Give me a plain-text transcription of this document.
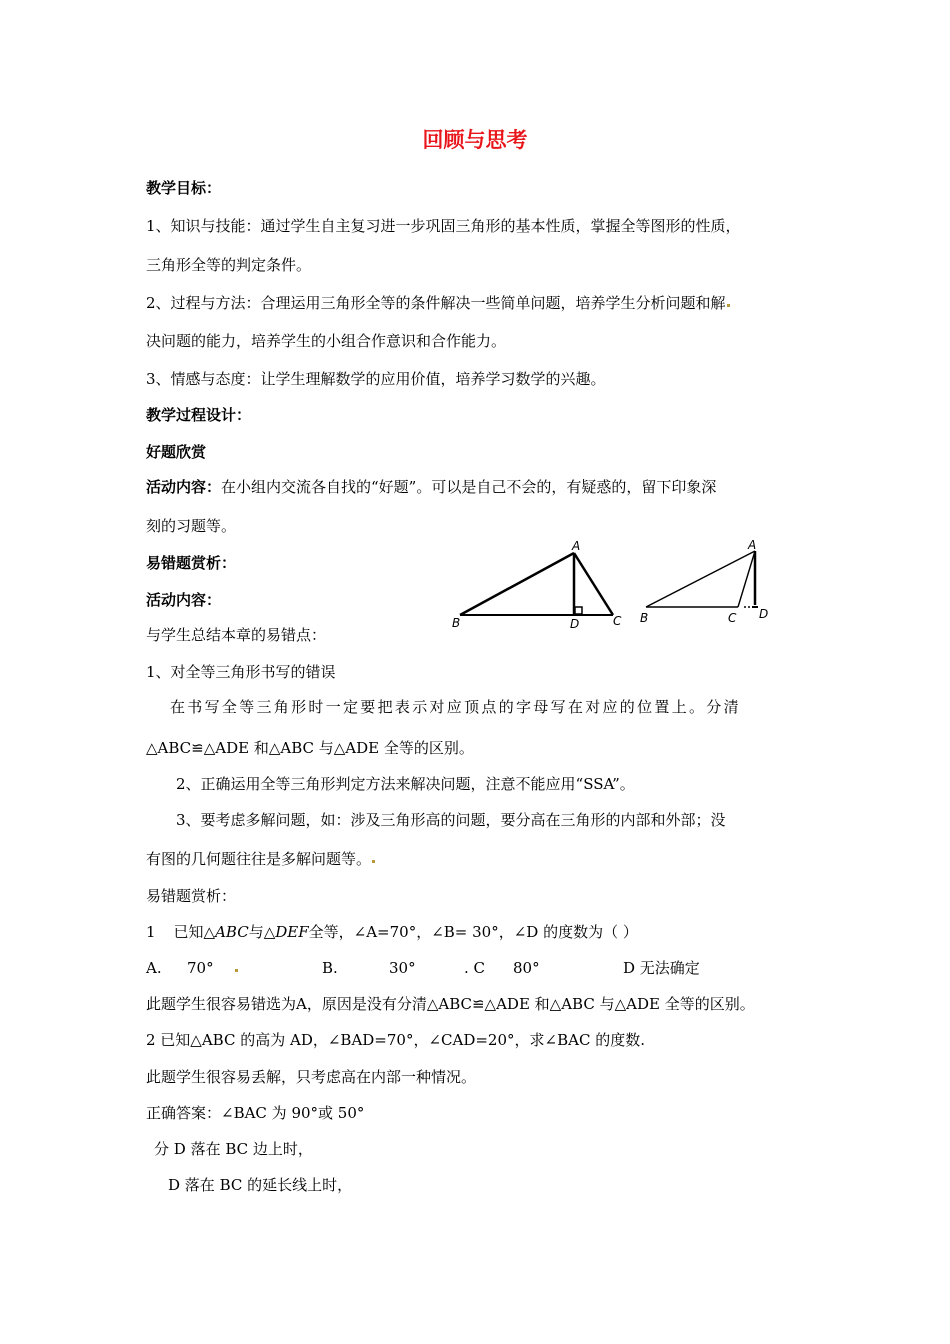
回顾与思考
教学目标：
1、知识与技能：通过学生自主复习进一步巩固三角形的基本性质，掌握全等图形的性质，
三角形全等的判定条件。
2、过程与方法：合理运用三角形全等的条件解决一些简单问题，培养学生分析问题和解
决问题的能力，培养学生的小组合作意识和合作能力。
3、情感与态度：让学生理解数学的应用价值，培养学习数学的兴趣。
教学过程设计：
好题欣赏
活动内容：在小组内交流各自找的“好题”。可以是自己不会的，有疑惑的，留下印象深
刻的习题等。
易错题赏析：
活动内容：
与学生总结本章的易错点：
A
B	D	C
A
B	C D
1、对全等三角形书写的错误
在书写全等三角形时一定要把表示对应顶点的字母写在对应的位置上。分清
△ABC≌△ADE 和△ABC 与△ADE 全等的区别。
2、正确运用全等三角形判定方法来解决问题，注意不能应用“SSA”。
3、要考虑多解问题，如：涉及三角形高的问题，要分高在三角形的内部和外部；没
有图的几何题往往是多解问题等。
易错题赏析：
1 已知△ABC与△DEF全等，∠A=70°，∠B= 30°，∠D 的度数为（ ）
A. 70°	B.	30°	. C 80°	D 无法确定
此题学生很容易错选为A，原因是没有分清△ABC≌△ADE 和△ABC 与△ADE 全等的区别。
2 已知△ABC 的高为 AD，∠BAD=70°，∠CAD=20°，求∠BAC 的度数.
此题学生很容易丢解，只考虑高在内部一种情况。
正确答案：∠BAC 为 90°或 50°
分 D 落在 BC 边上时，
D 落在 BC 的延长线上时，
